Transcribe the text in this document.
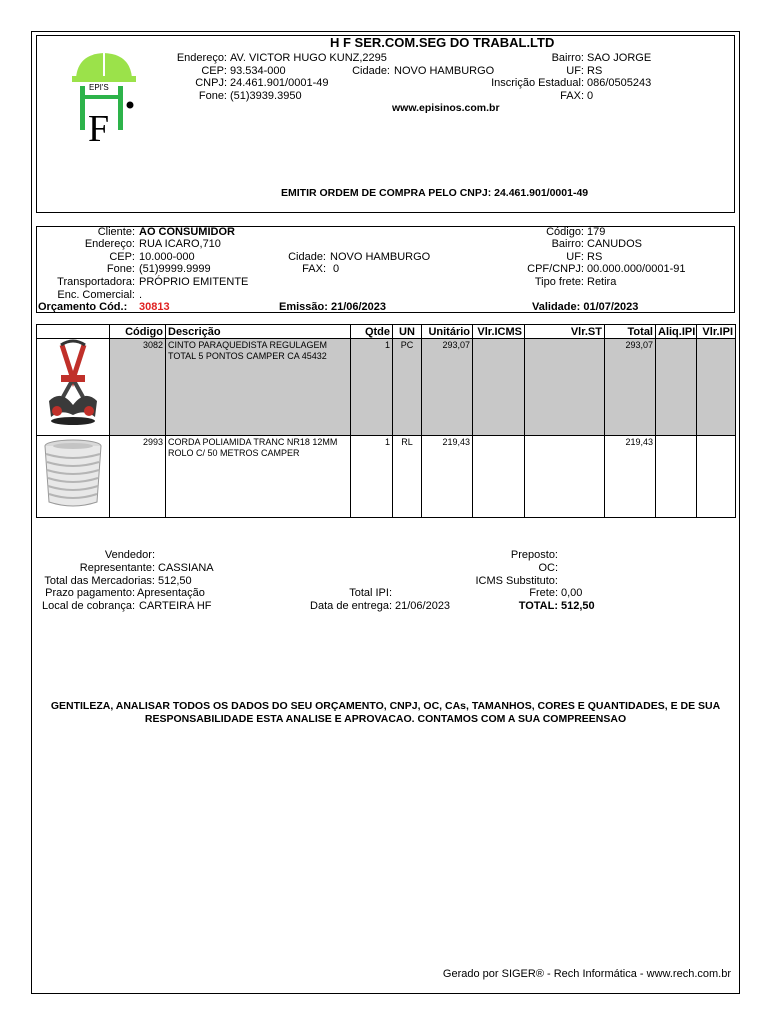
F
EPI'S
H F SER.COM.SEG DO TRABAL.LTD
Endereço: AV. VICTOR HUGO KUNZ,2295	Bairro: SAO JORGE
CEP: 93.534-000	Cidade: NOVO HAMBURGO	UF: RS
CNPJ: 24.461.901/0001-49	Inscrição Estadual: 086/0505243
Fone: (51)3939.3950	FAX: 0
www.episinos.com.br
EMITIR ORDEM DE COMPRA PELO CNPJ: 24.461.901/0001-49
Cliente: AO CONSUMIDOR	Código: 179
Endereço: RUA ICARO,710	Bairro: CANUDOS
CEP: 10.000-000	Cidade: NOVO HAMBURGO	UF: RS
Fone: (51)9999.9999	FAX: 0	CPF/CNPJ: 00.000.000/0001-91
Transportadora: PRÓPRIO EMITENTE	Tipo frete: Retira
Enc. Comercial: .
Orçamento Cód.: 30813	Emissão: 21/06/2023	Validade: 01/07/2023
	Código	Descrição	Qtde	UN	Unitário	Vlr.ICMS	Vlr.ST	Total	Aliq.IPI	Vlr.IPI
	3082	CINTO PARAQUEDISTA REGULAGEM TOTAL 5 PONTOS CAMPER CA 45432	1	PC	293,07			293,07		
	2993	CORDA POLIAMIDA TRANC NR18 12MM ROLO C/ 50 METROS CAMPER	1	RL	219,43			219,43		
Vendedor:
Representante: CASSIANA
Total das Mercadorias: 512,50
Prazo pagamento: Apresentação
Local de cobrança: CARTEIRA HF
Total IPI:
Data de entrega: 21/06/2023
Preposto:
OC:
ICMS Substituto:
Frete: 0,00
TOTAL: 512,50
GENTILEZA, ANALISAR TODOS OS DADOS DO SEU ORÇAMENTO, CNPJ, OC, CAs, TAMANHOS, CORES E QUANTIDADES, E DE SUA RESPONSABILIDADE ESTA ANALISE E APROVACAO. CONTAMOS COM A SUA COMPREENSAO
Gerado por SIGER® - Rech Informática - www.rech.com.br
